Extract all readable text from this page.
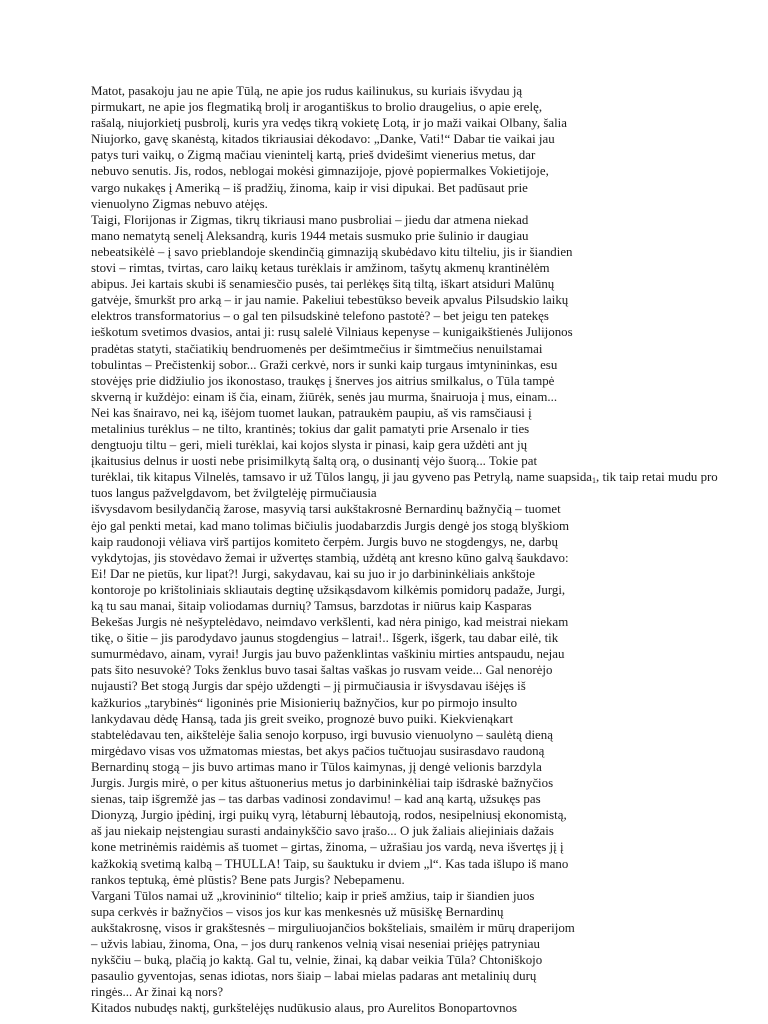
Matot, pasakoju jau ne apie Tūlą, ne apie jos rudus kailinukus, su kuriais išvydau ją
pirmukart, ne apie jos flegmatiką brolį ir arogantiškus to brolio draugelius, o apie erelę,
rašalą, niujorkietį pusbrolį, kuris yra vedęs tikrą vokietę Lotą, ir jo maži vaikai Olbany, šalia
Niujorko, gavę skanėstą, kitados tikriausiai dėkodavo: „Danke, Vati!“ Dabar tie vaikai jau
patys turi vaikų, o Zigmą mačiau vienintelį kartą, prieš dvidešimt vienerius metus, dar
nebuvo senutis. Jis, rodos, neblogai mokėsi gimnazijoje, pjovė popiermalkes Vokietijoje,
vargo nukakęs į Ameriką – iš pradžių, žinoma, kaip ir visi dipukai. Bet padūsaut prie
vienuolyno Zigmas nebuvo atėjęs.
Taigi, Florijonas ir Zigmas, tikrų tikriausi mano pusbroliai – jiedu dar atmena niekad
mano nematytą senelį Aleksandrą, kuris 1944 metais susmuko prie šulinio ir daugiau
nebeatsikėlė – į savo prieblandoje skendinčią gimnaziją skubėdavo kitu tilteliu, jis ir šiandien
stovi – rimtas, tvirtas, caro laikų ketaus turėklais ir amžinom, tašytų akmenų krantinėlėm
abipus. Jei kartais skubi iš senamiesčio pusės, tai perlėkęs šitą tiltą, iškart atsiduri Malūnų
gatvėje, šmurkšt pro arką – ir jau namie. Pakeliui tebestūkso beveik apvalus Pilsudskio laikų
elektros transformatorius – o gal ten pilsudskinė telefono pastotė? – bet jeigu ten patekęs
ieškotum svetimos dvasios, antai ji: rusų salelė Vilniaus kepenyse – kunigaikštienės Julijonos
pradėtas statyti, stačiatikių bendruomenės per dešimtmečius ir šimtmečius nenuilstamai
tobulintas – Prečistenkij sobor... Graži cerkvė, nors ir sunki kaip turgaus imtynininkas, esu
stovėjęs prie didžiulio jos ikonostaso, traukęs į šnerves jos aitrius smilkalus, o Tūla tampė
skverną ir kuždėjo: einam iš čia, einam, žiūrėk, senės jau murma, šnairuoja į mus, einam...
Nei kas šnairavo, nei ką, išėjom tuomet laukan, patraukėm paupiu, aš vis ramsčiausi į
metalinius turėklus – ne tilto, krantinės; tokius dar galit pamatyti prie Arsenalo ir ties
dengtuoju tiltu – geri, mieli turėklai, kai kojos slysta ir pinasi, kaip gera uždėti ant jų
įkaitusius delnus ir uosti nebe prisimilkytą šaltą orą, o dusinantį vėjo šuorą... Tokie pat
turėklai, tik kitapus Vilnelės, tamsavo ir už Tūlos langų, ji jau gyveno pas Petrylą, name suapsida$_1$, tik taip retai mudu pro
tuos langus pažvelgdavom, bet žvilgtelėję pirmučiausia
išvysdavom besilydančią žarose, masyvią tarsi aukštakrosnė Bernardinų bažnyčią – tuomet
ėjo gal penkti metai, kad mano tolimas bičiulis juodabarzdis Jurgis dengė jos stogą blyškiom
kaip raudonoji vėliava virš partijos komiteto čerpėm. Jurgis buvo ne stogdengys, ne, darbų
vykdytojas, jis stovėdavo žemai ir užvertęs stambią, uždėtą ant kresno kūno galvą šaukdavo:
Ei! Dar ne pietūs, kur lipat?! Jurgi, sakydavau, kai su juo ir jo darbininkėliais ankštoje
kontoroje po krištoliniais skliautais degtinę užsikąsdavom kilkėmis pomidorų padaže, Jurgi,
ką tu sau manai, šitaip voliodamas durnių? Tamsus, barzdotas ir niūrus kaip Kasparas
Bekešas Jurgis nė nešyptelėdavo, neimdavo verkšlenti, kad nėra pinigo, kad meistrai niekam
tikę, o šitie – jis parodydavo jaunus stogdengius – latrai!.. Išgerk, išgerk, tau dabar eilė, tik
sumurmėdavo, ainam, vyrai! Jurgis jau buvo paženklintas vaškiniu mirties antspaudu, nejau
pats šito nesuvokė? Toks ženklus buvo tasai šaltas vaškas jo rusvam veide... Gal nenorėjo
nujausti? Bet stogą Jurgis dar spėjo uždengti – jį pirmučiausia ir išvysdavau išėjęs iš
kažkurios „tarybinės“ ligoninės prie Misionierių bažnyčios, kur po pirmojo insulto
lankydavau dėdę Hansą, tada jis greit sveiko, prognozė buvo puiki. Kiekvienąkart
stabtelėdavau ten, aikštelėje šalia senojo korpuso, irgi buvusio vienuolyno – saulėtą dieną
mirgėdavo visas vos užmatomas miestas, bet akys pačios tučtuojau susirasdavo raudoną
Bernardinų stogą – jis buvo artimas mano ir Tūlos kaimynas, jį dengė velionis barzdyla
Jurgis. Jurgis mirė, o per kitus aštuonerius metus jo darbininkėliai taip išdraskė bažnyčios
sienas, taip išgremžė jas – tas darbas vadinosi zondavimu! – kad aną kartą, užsukęs pas
Dionyzą, Jurgio įpėdinį, irgi puikų vyrą, lėtaburnį lėbautoją, rodos, nesipelniusį ekonomistą,
aš jau niekaip neįstengiau surasti andainykščio savo įrašo... O juk žaliais aliejiniais dažais
kone metrinėmis raidėmis aš tuomet – girtas, žinoma, – užrašiau jos vardą, neva išvertęs jį į
kažkokią svetimą kalbą – THULLA! Taip, su šauktuku ir dviem „l“. Kas tada išlupo iš mano
rankos teptuką, ėmė plūstis? Bene pats Jurgis? Nebepamenu.
Vargani Tūlos namai už „krovininio“ tiltelio; kaip ir prieš amžius, taip ir šiandien juos
supa cerkvės ir bažnyčios – visos jos kur kas menkesnės už mūsiškę Bernardinų
aukštakrosnę, visos ir grakštesnės – mirguliuojančios bokšteliais, smailėm ir mūrų draperijom
– užvis labiau, žinoma, Ona, – jos durų rankenos velnią visai neseniai priėjęs patryniau
nykščiu – buką, plačią jo kaktą. Gal tu, velnie, žinai, ką dabar veikia Tūla? Chtoniškojo
pasaulio gyventojas, senas idiotas, nors šiaip – labai mielas padaras ant metalinių durų
ringės... Ar žinai ką nors?
Kitados nubudęs naktį, gurkštelėjęs nudūkusio alaus, pro Aurelitos Bonopartovnos
